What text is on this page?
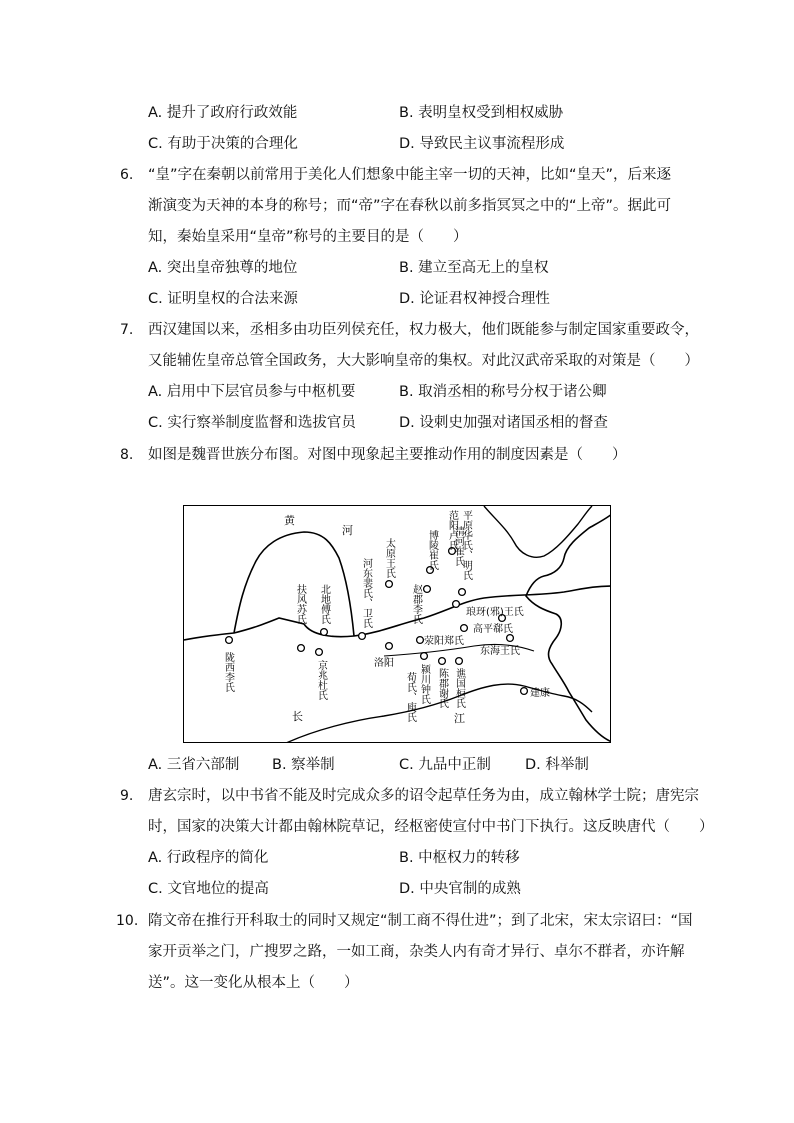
A. 提升了政府行政效能	B. 表明皇权受到相权威胁
C. 有助于决策的合理化	D. 导致民主议事流程形成
6. “皇”字在秦朝以前常用于美化人们想象中能主宰一切的天神，比如“皇天”，后来逐
渐演变为天神的本身的称号；而“帝”字在春秋以前多指冥冥之中的“上帝”。据此可
知，秦始皇采用“皇帝”称号的主要目的是（　　）
A. 突出皇帝独尊的地位	B. 建立至高无上的皇权
C. 证明皇权的合法来源	D. 论证君权神授合理性
7. 西汉建国以来，丞相多由功臣列侯充任，权力极大，他们既能参与制定国家重要政令，
又能辅佐皇帝总管全国政务，大大影响皇帝的集权。对此汉武帝采取的对策是（　　）
A. 启用中下层官员参与中枢机要	B. 取消丞相的称号分权于诸公卿
C. 实行察举制度监督和选拔官员	D. 设刺史加强对诸国丞相的督查
8. 如图是魏晋世族分布图。对图中现象起主要推动作用的制度因素是（　　）
黄
河
长	江
陇西李氏
扶风苏氏 北地傅氏
京兆杜氏
太原王氏
河东裴氏、卫氏
洛阳
赵郡李氏
博陵崔氏 范阳卢氏 平原华氏、明氏
清河崔氏
琅玡(邪)王氏
高平郗氏
东海王氏
荥阳郑氏
颍川钟氏
荀氏、庾氏 陈郡谢氏 谯国桓氏	建康
A. 三省六部制 B. 察举制	C. 九品中正制 D. 科举制
9. 唐玄宗时，以中书省不能及时完成众多的诏令起草任务为由，成立翰林学士院；唐宪宗
时，国家的决策大计都由翰林院草记，经枢密使宣付中书门下执行。这反映唐代（　　）
A. 行政程序的简化	B. 中枢权力的转移
C. 文官地位的提高	D. 中央官制的成熟
10. 隋文帝在推行开科取士的同时又规定“制工商不得仕进”；到了北宋，宋太宗诏曰：“国
家开贡举之门，广搜罗之路，一如工商，杂类人内有奇才异行、卓尔不群者，亦许解
送”。这一变化从根本上（　　）
